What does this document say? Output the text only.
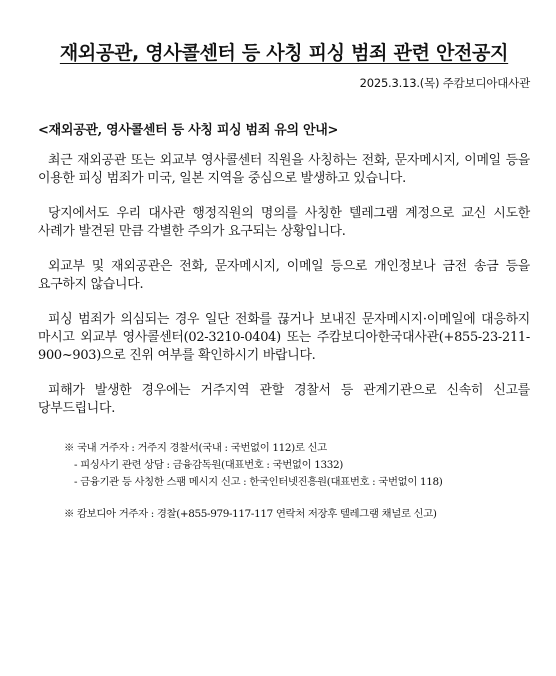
재외공관, 영사콜센터 등 사칭 피싱 범죄 관련 안전공지
2025.3.13.(목) 주캄보디아대사관
<재외공관, 영사콜센터 등 사칭 피싱 범죄 유의 안내>

최근 재외공관 또는 외교부 영사콜센터 직원을 사칭하는 전화, 문자메시지, 이메일 등을 이용한 피싱 범죄가 미국, 일본 지역을 중심으로 발생하고 있습니다.

당지에서도 우리 대사관 행정직원의 명의를 사칭한 텔레그램 계정으로 교신 시도한 사례가 발견된 만큼 각별한 주의가 요구되는 상황입니다.

외교부 및 재외공관은 전화, 문자메시지, 이메일 등으로 개인정보나 금전 송금 등을 요구하지 않습니다.

피싱 범죄가 의심되는 경우 일단 전화를 끊거나 보내진 문자메시지·이메일에 대응하지 마시고 외교부 영사콜센터(02-3210-0404) 또는 주캄보디아한국대사관(+855-23-211-900~903)으로 진위 여부를 확인하시기 바랍니다.

피해가 발생한 경우에는 거주지역 관할 경찰서 등 관계기관으로 신속히 신고를 당부드립니다.

※ 국내 거주자 : 거주지 경찰서(국내 : 국번없이 112)로 신고
- 피싱사기 관련 상담 : 금융감독원(대표번호 : 국번없이 1332)
- 금융기관 등 사칭한 스팸 메시지 신고 : 한국인터넷진흥원(대표번호 : 국번없이 118)
※ 캄보디아 거주자 : 경찰(+855-979-117-117 연락처 저장후 텔레그램 채널로 신고)
